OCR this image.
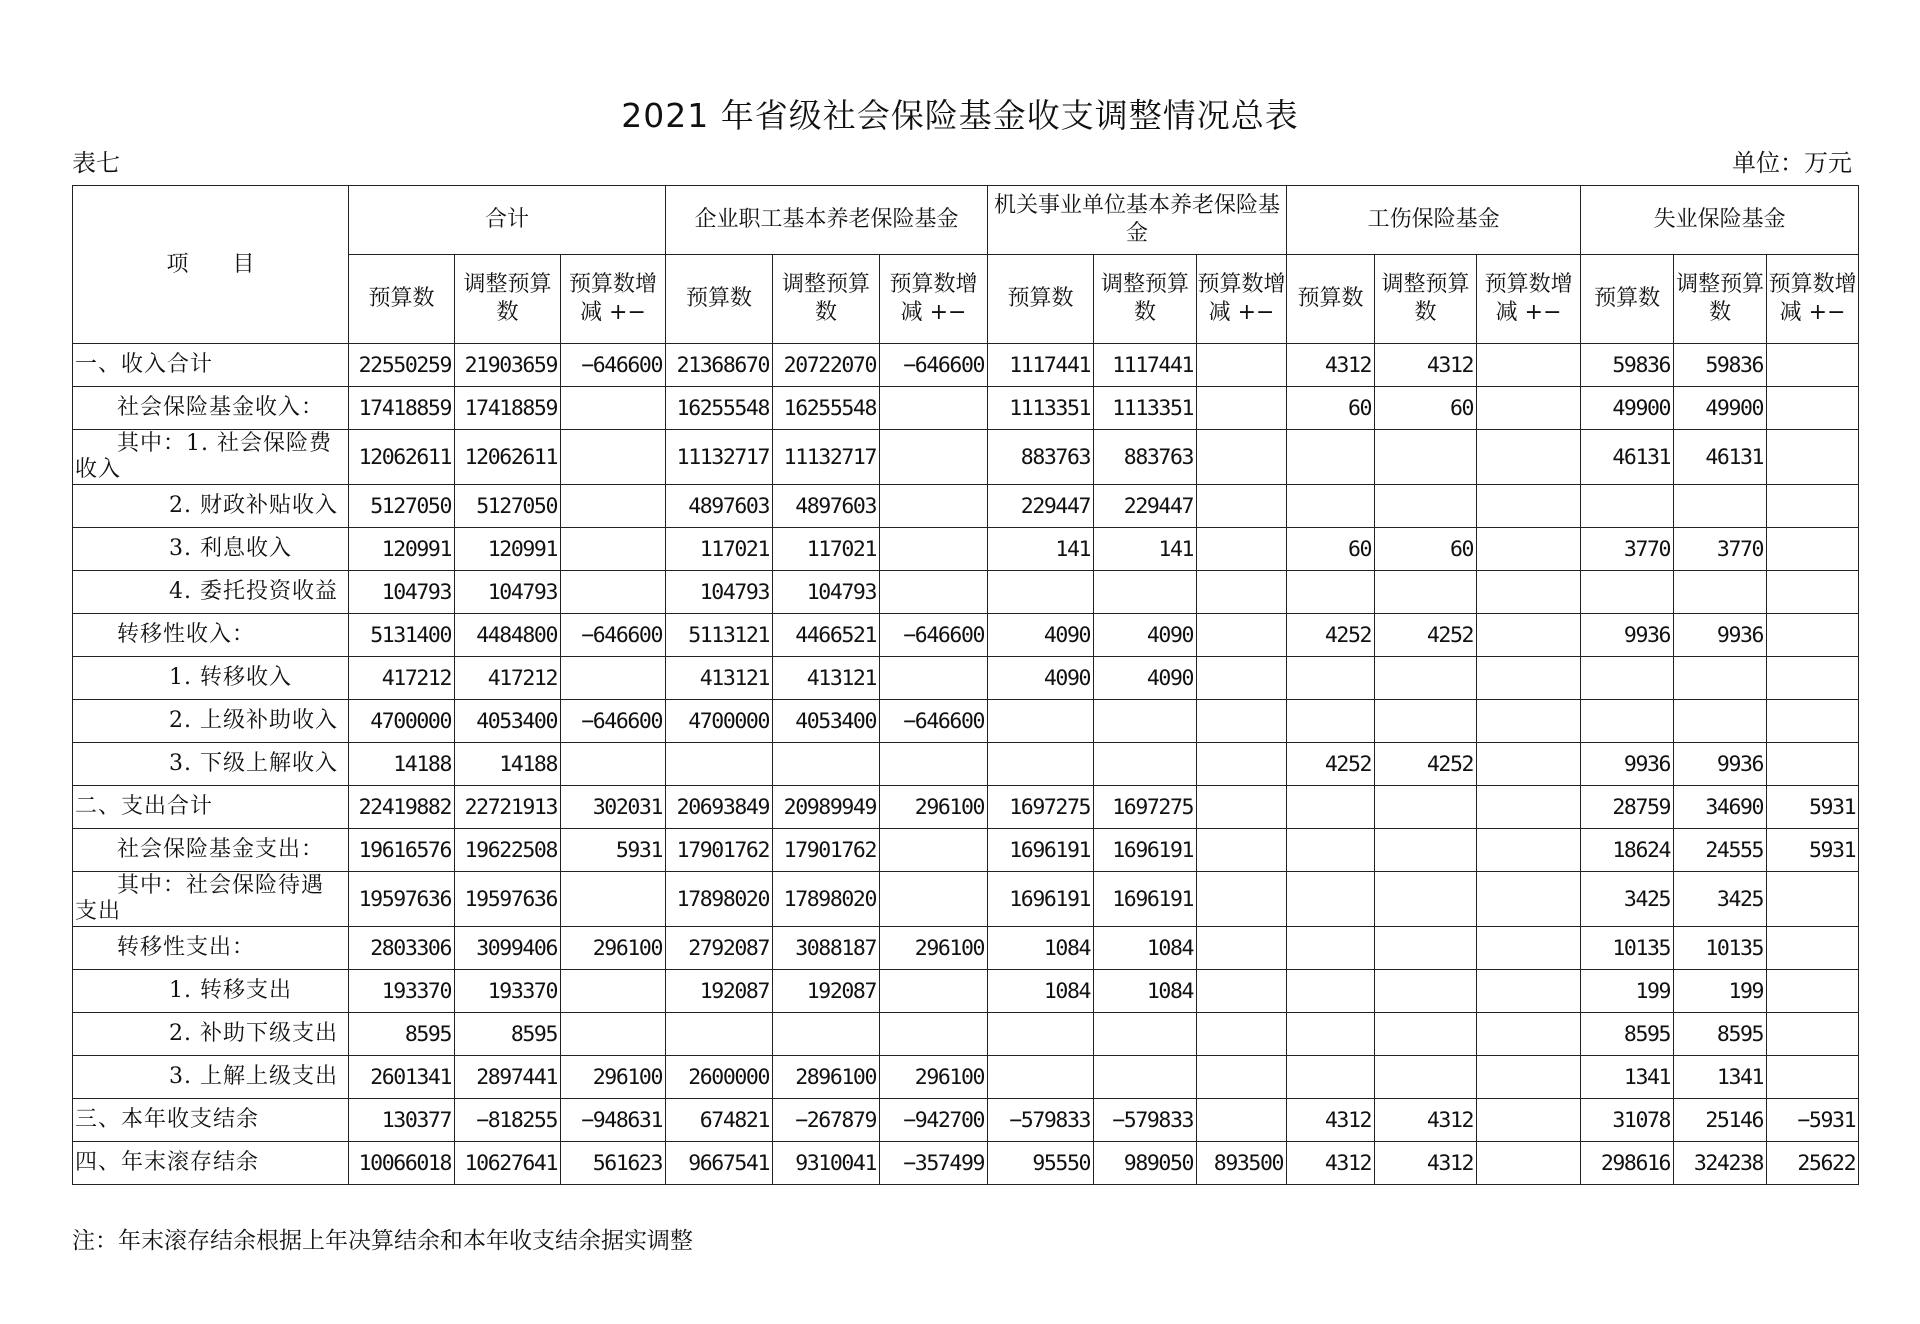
2021 年省级社会保险基金收支调整情况总表
表七	单位：万元
项　　目	合计			企业职工基本养老保险基金			机关事业单位基本养老保险基金			工伤保险基金			失业保险基金		
	预算数	调整预算数	预算数增减 +−	预算数	调整预算数	预算数增减 +−	预算数	调整预算数	预算数增减 +−	预算数	调整预算数	预算数增减 +−	预算数	调整预算数	预算数增减 +−
一、收入合计	22550259	21903659	−646600	21368670	20722070	−646600	1117441	1117441		4312	4312		59836	59836	
社会保险基金收入：	17418859	17418859		16255548	16255548		1113351	1113351		60	60		49900	49900	
其中：1. 社会保险费收入	12062611	12062611		11132717	11132717		883763	883763					46131	46131	
2. 财政补贴收入	5127050	5127050		4897603	4897603		229447	229447							
3. 利息收入	120991	120991		117021	117021		141	141		60	60		3770	3770	
4. 委托投资收益	104793	104793		104793	104793										
转移性收入：	5131400	4484800	−646600	5113121	4466521	−646600	4090	4090		4252	4252		9936	9936	
1. 转移收入	417212	417212		413121	413121		4090	4090							
2. 上级补助收入	4700000	4053400	−646600	4700000	4053400	−646600									
3. 下级上解收入	14188	14188								4252	4252		9936	9936	
二、支出合计	22419882	22721913	302031	20693849	20989949	296100	1697275	1697275					28759	34690	5931
社会保险基金支出：	19616576	19622508	5931	17901762	17901762		1696191	1696191					18624	24555	5931
其中：社会保险待遇支出	19597636	19597636		17898020	17898020		1696191	1696191					3425	3425	
转移性支出：	2803306	3099406	296100	2792087	3088187	296100	1084	1084					10135	10135	
1. 转移支出	193370	193370		192087	192087		1084	1084					199	199	
2. 补助下级支出	8595	8595											8595	8595	
3. 上解上级支出	2601341	2897441	296100	2600000	2896100	296100							1341	1341	
三、本年收支结余	130377	−818255	−948631	674821	−267879	−942700	−579833	−579833		4312	4312		31078	25146	−5931
四、年末滚存结余	10066018	10627641	561623	9667541	9310041	−357499	95550	989050	893500	4312	4312		298616	324238	25622
注：年末滚存结余根据上年决算结余和本年收支结余据实调整
